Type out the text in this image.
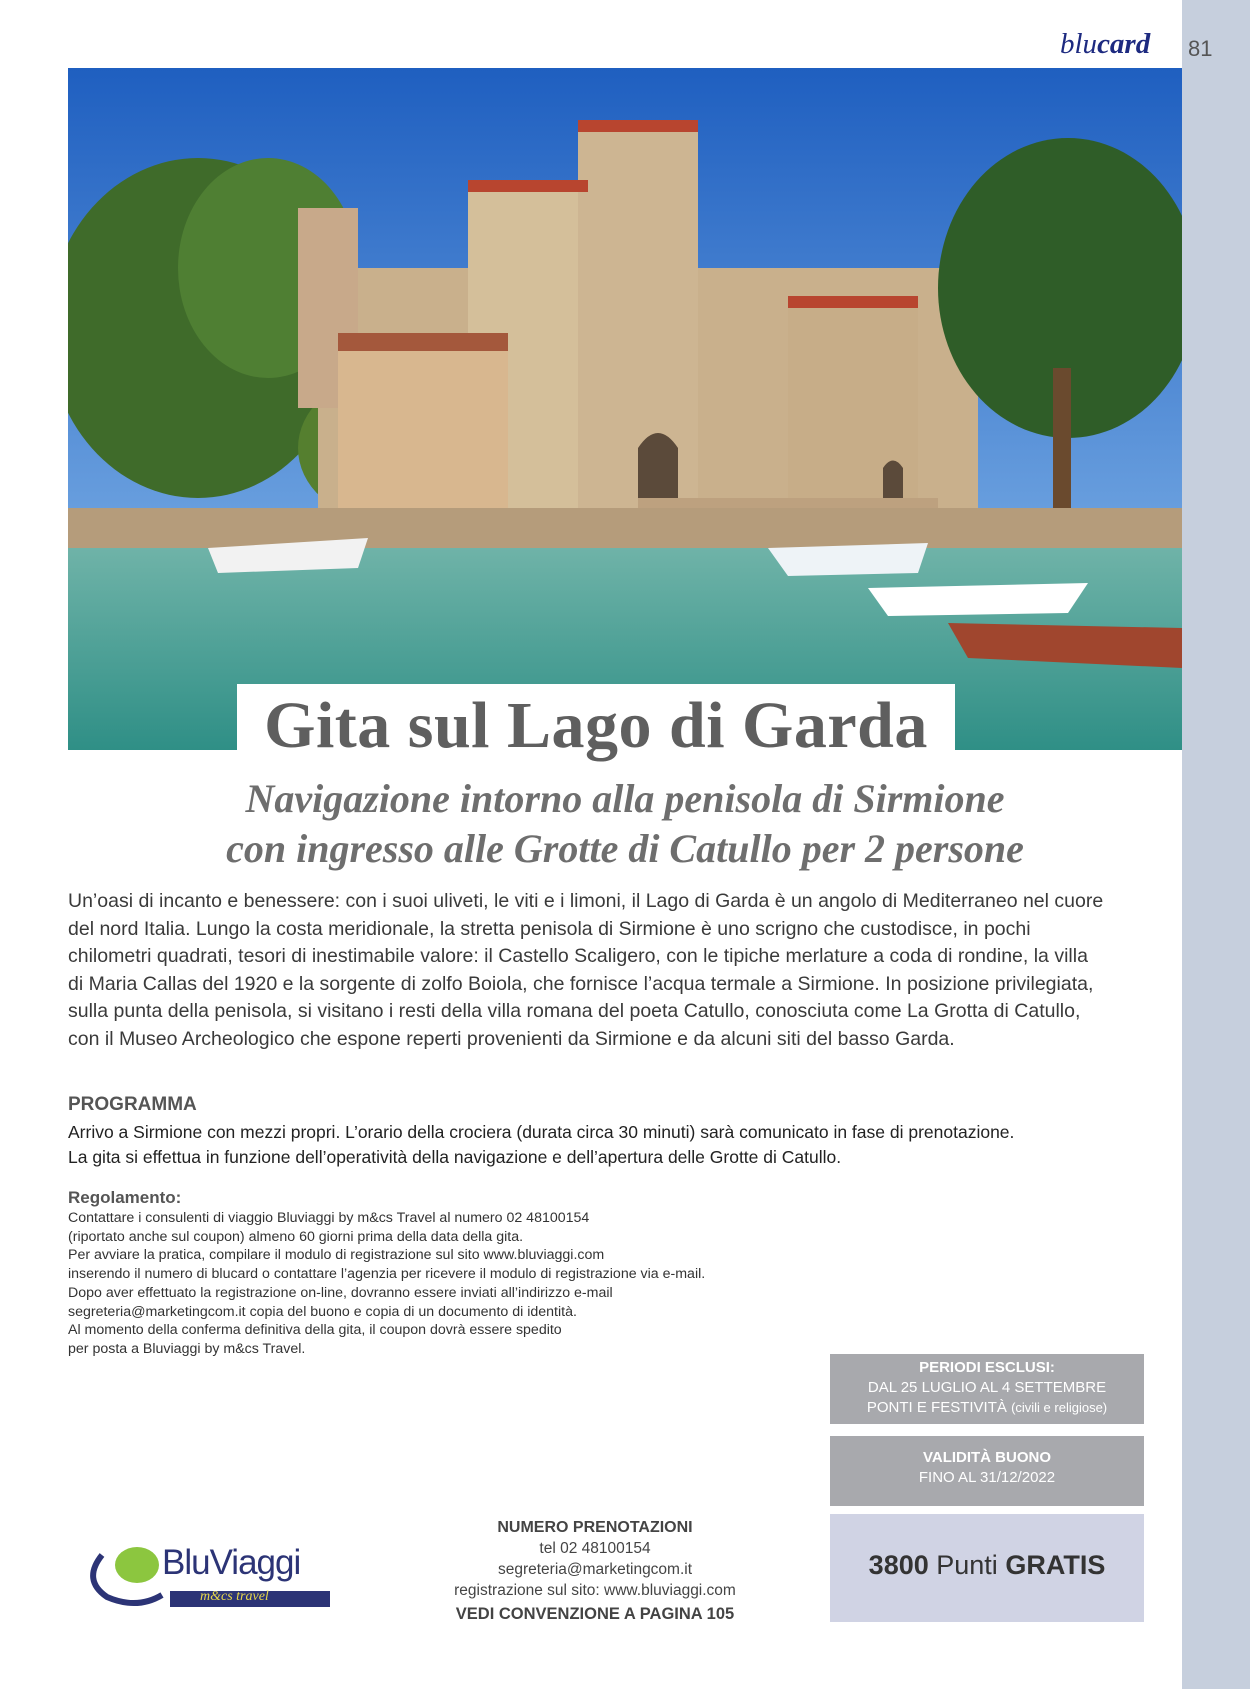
blucard 81
Gita sul Lago di Garda
Navigazione intorno alla penisola di Sirmione
con ingresso alle Grotte di Catullo per 2 persone
Un’oasi di incanto e benessere: con i suoi uliveti, le viti e i limoni, il Lago di Garda è un angolo di Mediterraneo nel cuore del nord Italia. Lungo la costa meridionale, la stretta penisola di Sirmione è uno scrigno che custodisce, in pochi chilometri quadrati, tesori di inestimabile valore: il Castello Scaligero, con le tipiche merlature a coda di rondine, la villa di Maria Callas del 1920 e la sorgente di zolfo Boiola, che fornisce l’acqua termale a Sirmione. In posizione privilegiata, sulla punta della penisola, si visitano i resti della villa romana del poeta Catullo, conosciuta come La Grotta di Catullo, con il Museo Archeologico che espone reperti provenienti da Sirmione e da alcuni siti del basso Garda.
PROGRAMMA
Arrivo a Sirmione con mezzi propri. L’orario della crociera (durata circa 30 minuti) sarà comunicato in fase di prenotazione.
La gita si effettua in funzione dell’operatività della navigazione e dell’apertura delle Grotte di Catullo.
Regolamento:
Contattare i consulenti di viaggio Bluviaggi by m&cs Travel al numero 02 48100154
(riportato anche sul coupon) almeno 60 giorni prima della data della gita.
Per avviare la pratica, compilare il modulo di registrazione sul sito www.bluviaggi.com
inserendo il numero di blucard o contattare l’agenzia per ricevere il modulo di registrazione via e-mail.
Dopo aver effettuato la registrazione on-line, dovranno essere inviati all’indirizzo e-mail
segreteria@marketingcom.it copia del buono e copia di un documento di identità.
Al momento della conferma definitiva della gita, il coupon dovrà essere spedito
per posta a Bluviaggi by m&cs Travel.
PERIODI ESCLUSI:
DAL 25 LUGLIO AL 4 SETTEMBRE
PONTI E FESTIVITÀ (civili e religiose)
VALIDITÀ BUONO
FINO AL 31/12/2022
3800 Punti GRATIS
BluViaggi
m&cs travel
NUMERO PRENOTAZIONI
tel 02 48100154
segreteria@marketingcom.it
registrazione sul sito: www.bluviaggi.com
VEDI CONVENZIONE A PAGINA 105
